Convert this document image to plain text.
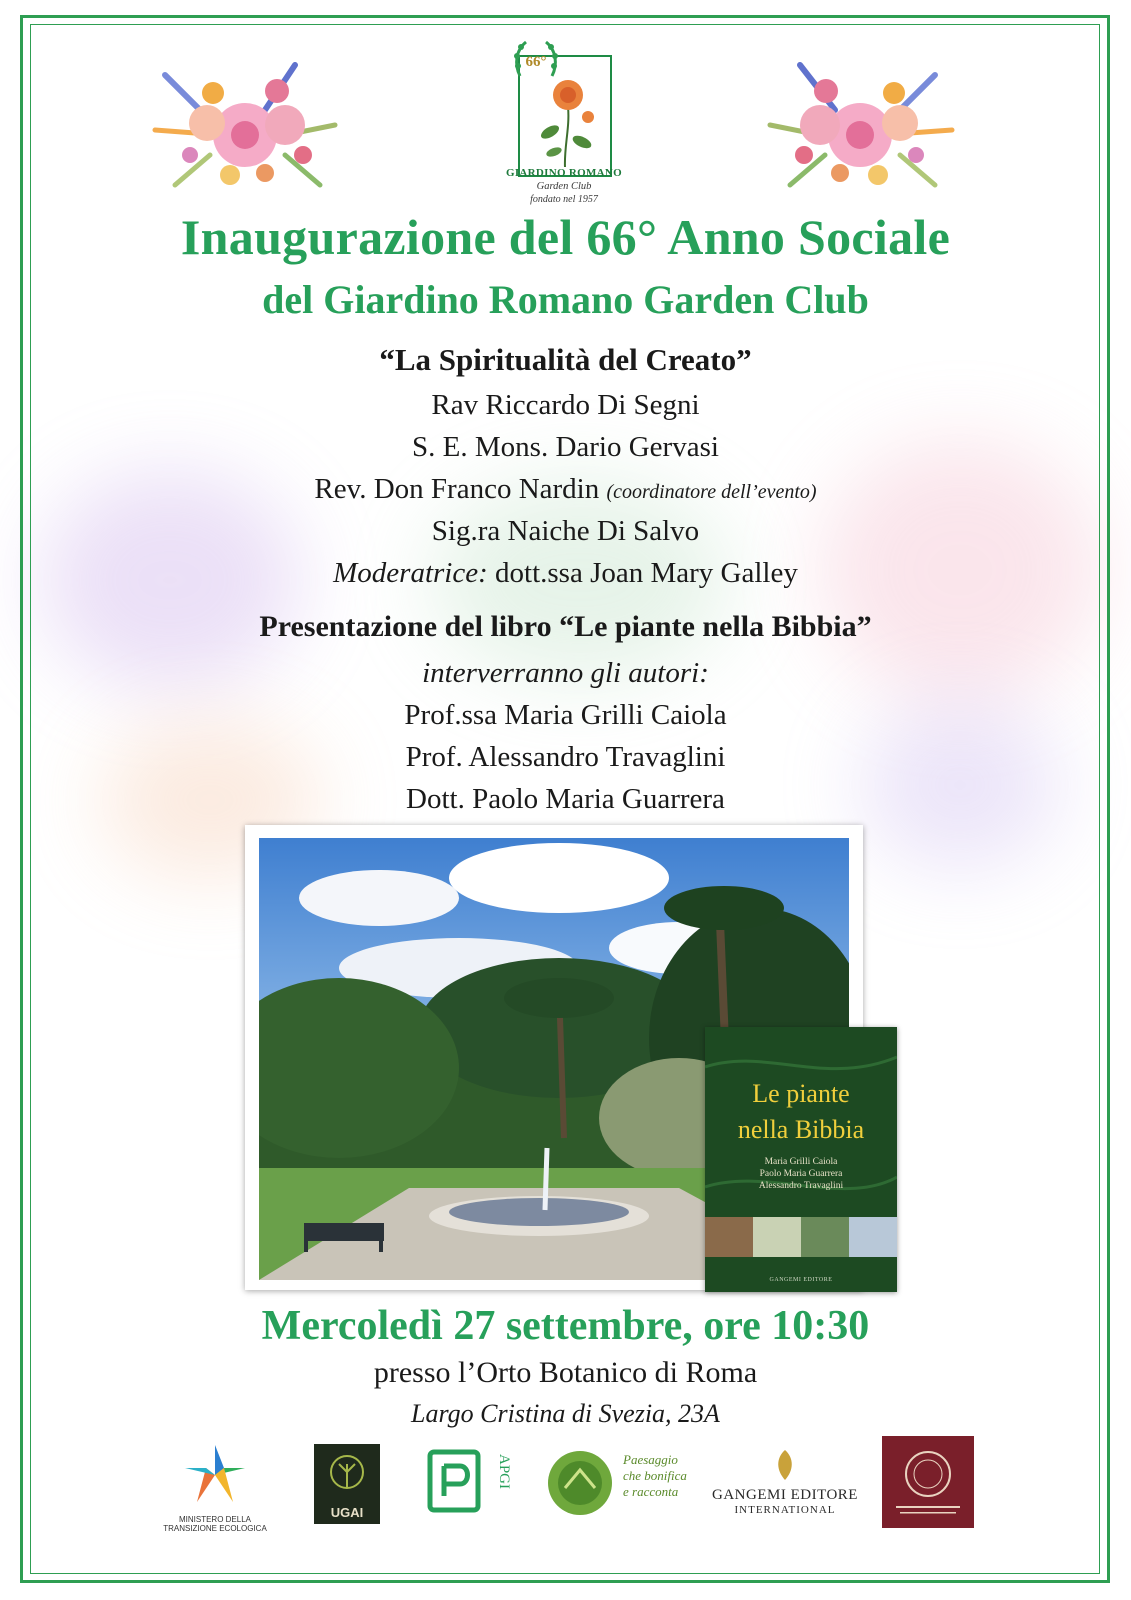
66°
GIARDINO ROMANO
Garden Club
fondato nel 1957
Inaugurazione del 66° Anno Sociale
del Giardino Romano Garden Club
“La Spiritualità del Creato”
Rav Riccardo Di Segni
S. E. Mons. Dario Gervasi
Rev. Don Franco Nardin (coordinatore dell’evento)
Sig.ra Naiche Di Salvo
Moderatrice: dott.ssa Joan Mary Galley
Presentazione del libro “Le piante nella Bibbia”
interverranno gli autori:
Prof.ssa Maria Grilli Caiola
Prof. Alessandro Travaglini
Dott. Paolo Maria Guarrera
Le piante
nella Bibbia
Maria Grilli Caiola
Paolo Maria Guarrera
Alessandro Travaglini
GANGEMI EDITORE
Mercoledì 27 settembre, ore 10:30
presso l’Orto Botanico di Roma
Largo Cristina di Svezia, 23A
MINISTERO DELLA
TRANSIZIONE ECOLOGICA
UGAI
APGI	Paesaggio
che bonifica
e racconta	GANGEMI EDITORE
INTERNATIONAL
